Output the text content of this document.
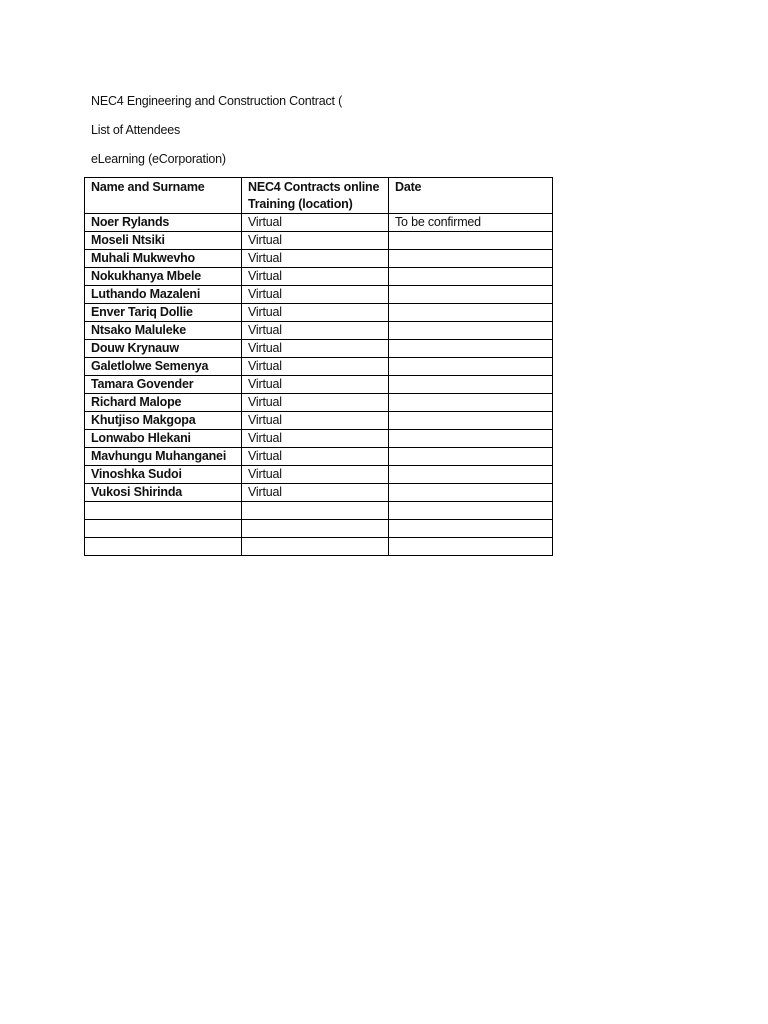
NEC4 Engineering and Construction Contract (
List of Attendees
eLearning (eCorporation)
Name and Surname	NEC4 Contracts online Training (location)	Date
Noer Rylands	Virtual	To be confirmed
Moseli Ntsiki	Virtual	
Muhali Mukwevho	Virtual	
Nokukhanya Mbele	Virtual	
Luthando Mazaleni	Virtual	
Enver Tariq Dollie	Virtual	
Ntsako Maluleke	Virtual	
Douw Krynauw	Virtual	
Galetlolwe Semenya	Virtual	
Tamara Govender	Virtual	
Richard Malope	Virtual	
Khutjiso Makgopa	Virtual	
Lonwabo Hlekani	Virtual	
Mavhungu Muhanganei	Virtual	
Vinoshka Sudoi	Virtual	
Vukosi Shirinda	Virtual	
